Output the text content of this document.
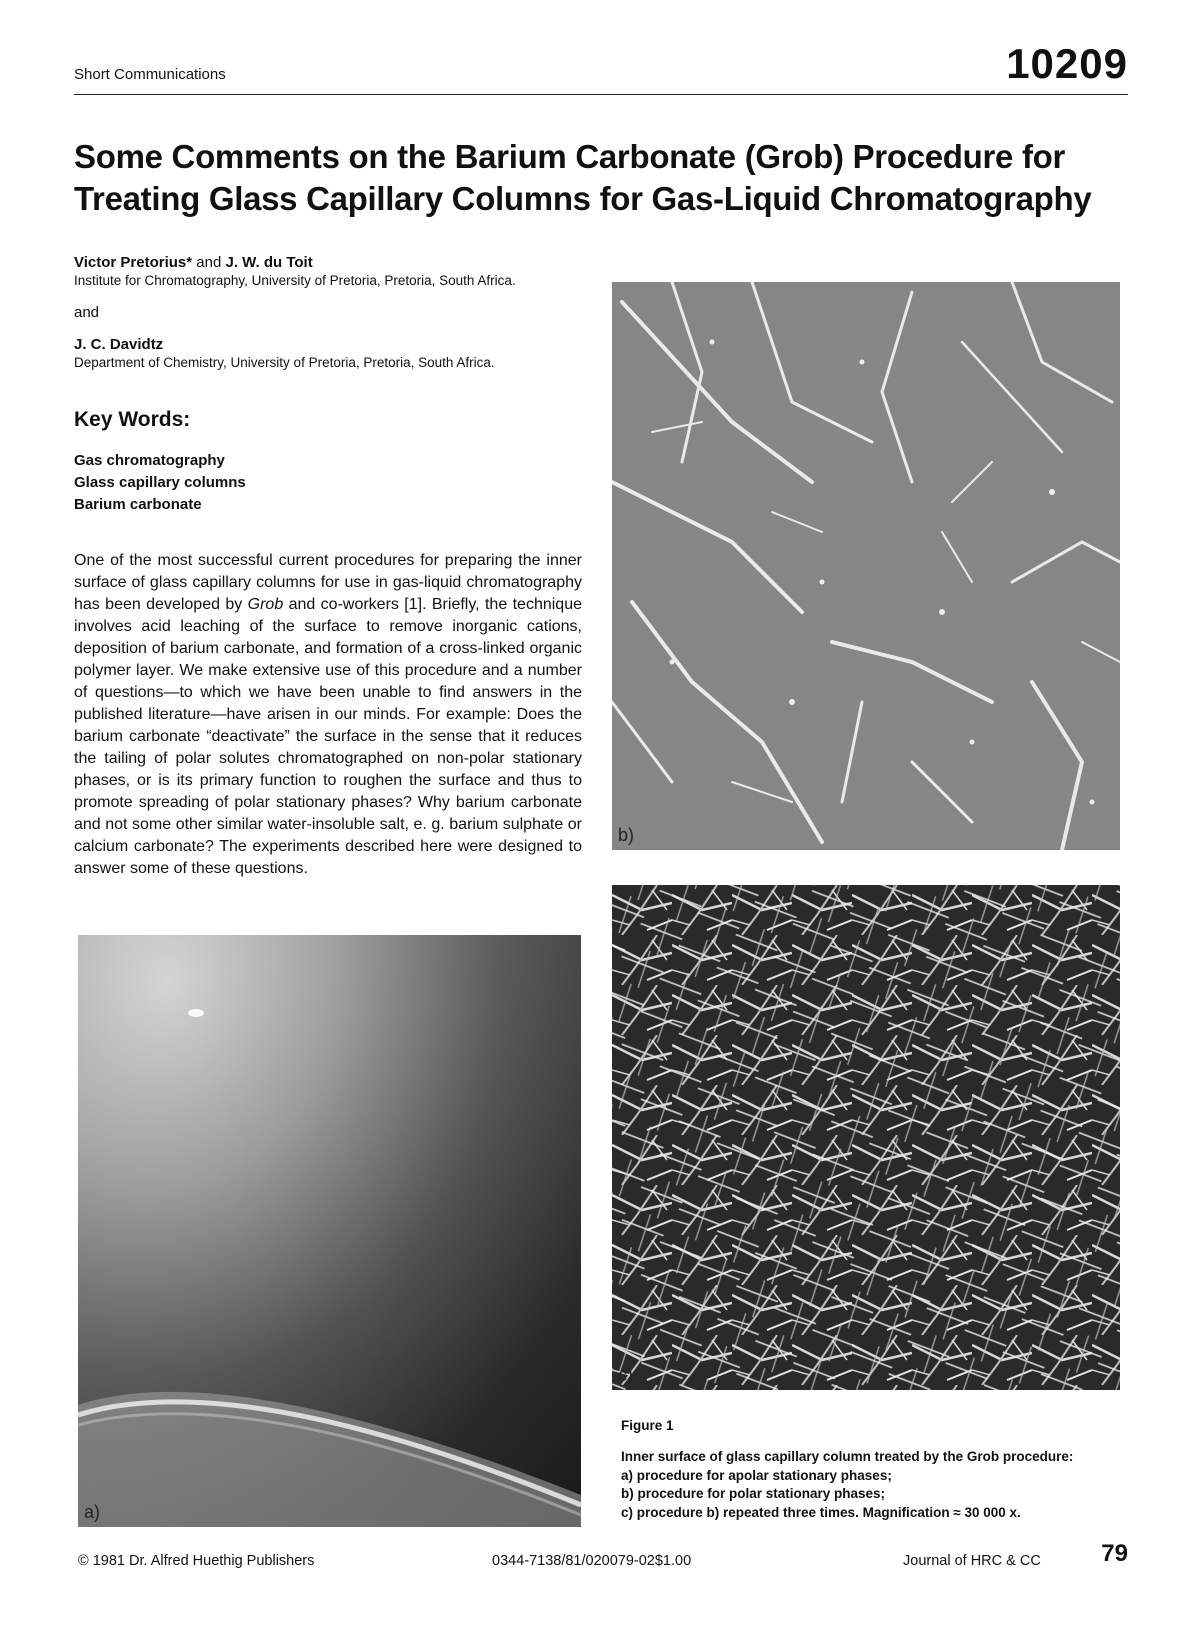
Short Communications	10209
Some Comments on the Barium Carbonate (Grob) Procedure for
Treating Glass Capillary Columns for Gas-Liquid Chromatography
Victor Pretorius* and J. W. du Toit
Institute for Chromatography, University of Pretoria, Pretoria, South Africa.
and
J. C. Davidtz
Department of Chemistry, University of Pretoria, Pretoria, South Africa.
Key Words:
Gas chromatography
Glass capillary columns
Barium carbonate

One of the most successful current procedures for preparing the inner surface of glass capillary columns for use in gas-liquid chromatography has been developed by Grob and co-workers [1]. Briefly, the technique involves acid leaching of the surface to remove inorganic cations, deposition of barium carbonate, and formation of a cross-linked organic polymer layer. We make extensive use of this procedure and a number of questions—to which we have been unable to find answers in the published literature—have arisen in our minds. For example: Does the barium carbonate “deactivate” the surface in the sense that it reduces the tailing of polar solutes chromatographed on non-polar stationary phases, or is its primary function to roughen the surface and thus to promote spreading of polar stationary phases? Why barium carbonate and not some other similar water-insoluble salt, e. g. barium sulphate or calcium carbonate? The experiments described here were designed to answer some of these questions.

a)
b)
c)
Figure 1
Inner surface of glass capillary column treated by the Grob procedure:
a) procedure for apolar stationary phases;
b) procedure for polar stationary phases;
c) procedure b) repeated three times. Magnification ≈ 30 000 x.
© 1981 Dr. Alfred Huethig Publishers	0344-7138/81/020079-02$1.00	Journal of HRC & CC	79
